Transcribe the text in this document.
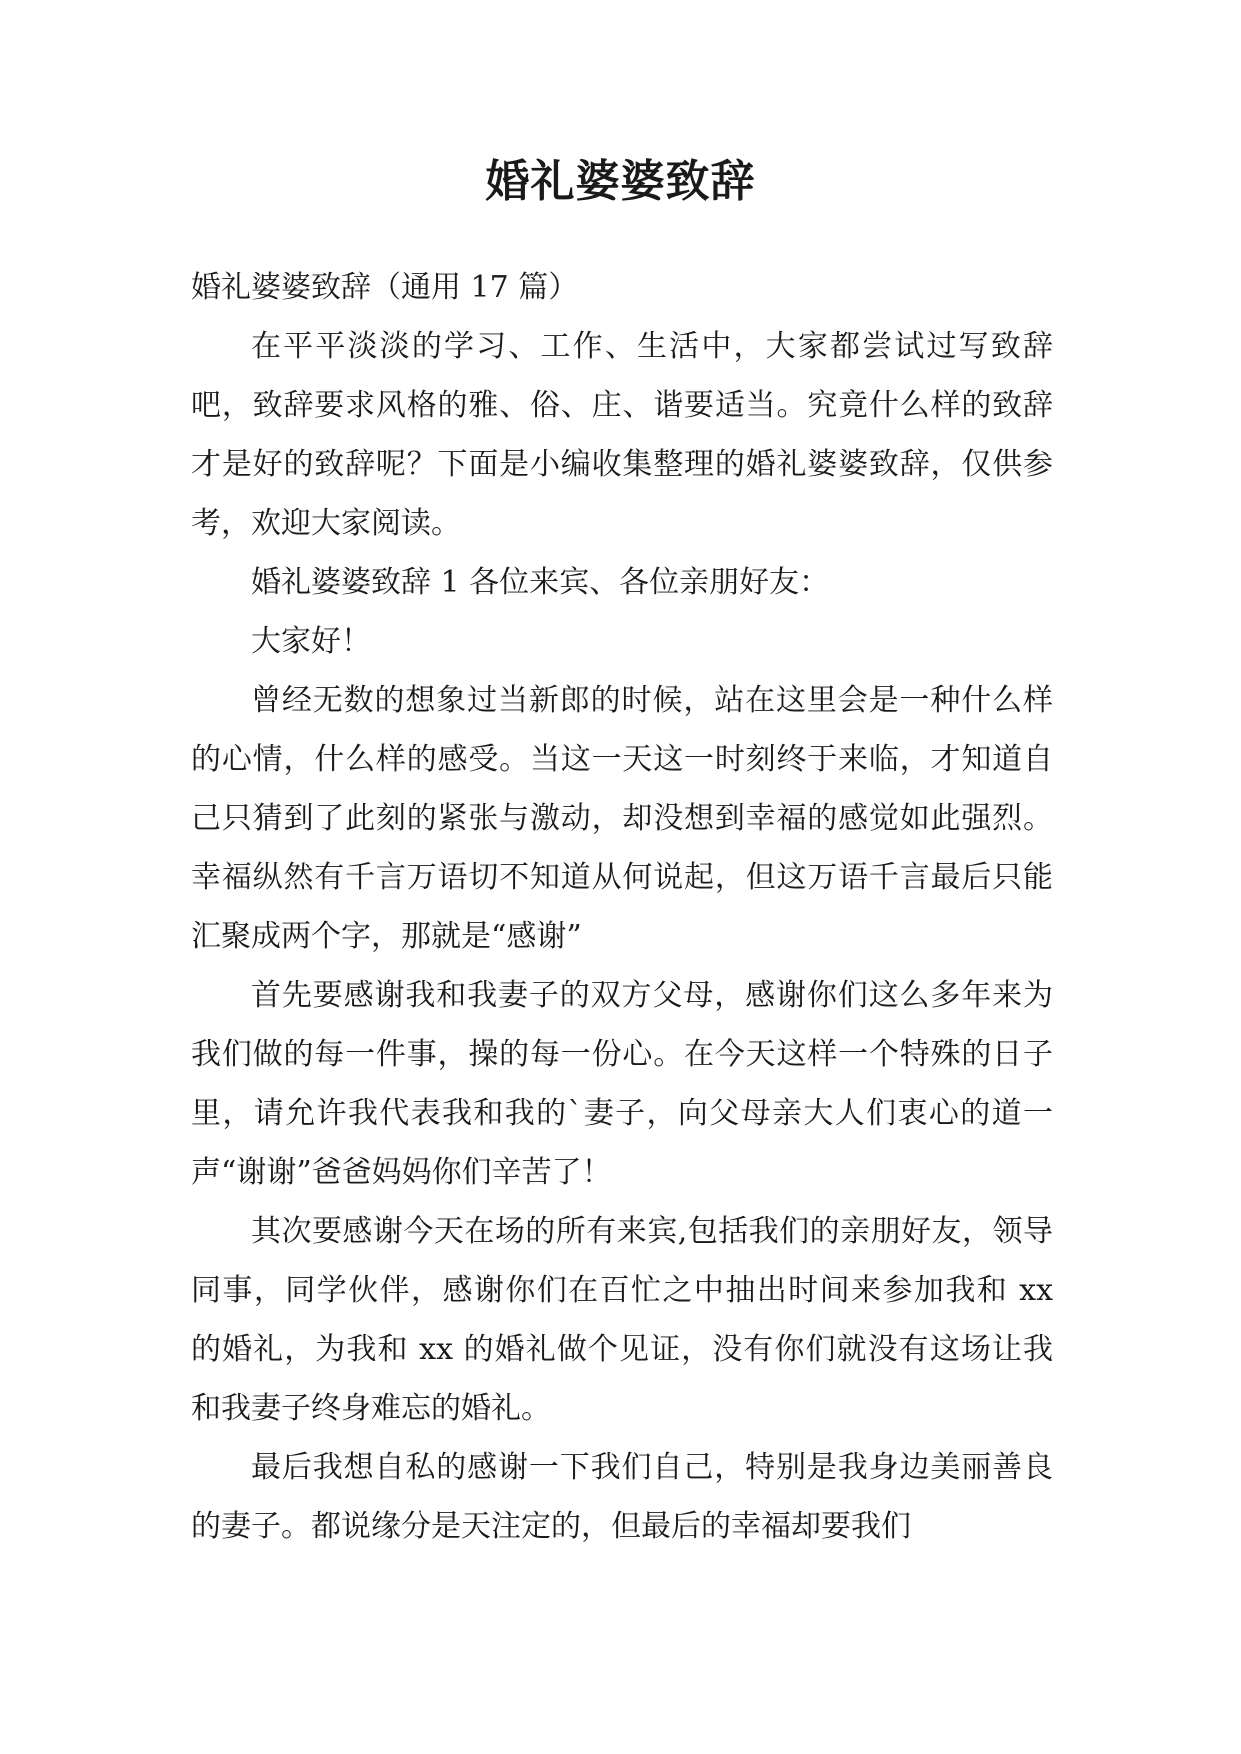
婚礼婆婆致辞

婚礼婆婆致辞（通用 17 篇）

在平平淡淡的学习、工作、生活中，大家都尝试过写致辞吧，致辞要求风格的雅、俗、庄、谐要适当。究竟什么样的致辞才是好的致辞呢？下面是小编收集整理的婚礼婆婆致辞，仅供参考，欢迎大家阅读。

婚礼婆婆致辞 1 各位来宾、各位亲朋好友：

大家好！

曾经无数的想象过当新郎的时候，站在这里会是一种什么样的心情，什么样的感受。当这一天这一时刻终于来临，才知道自己只猜到了此刻的紧张与激动，却没想到幸福的感觉如此强烈。幸福纵然有千言万语切不知道从何说起，但这万语千言最后只能汇聚成两个字，那就是“感谢”

首先要感谢我和我妻子的双方父母，感谢你们这么多年来为我们做的每一件事，操的每一份心。在今天这样一个特殊的日子里，请允许我代表我和我的`妻子，向父母亲大人们衷心的道一声“谢谢”爸爸妈妈你们辛苦了！

其次要感谢今天在场的所有来宾,包括我们的亲朋好友，领导同事，同学伙伴，感谢你们在百忙之中抽出时间来参加我和 xx 的婚礼，为我和 xx 的婚礼做个见证，没有你们就没有这场让我和我妻子终身难忘的婚礼。

最后我想自私的感谢一下我们自己，特别是我身边美丽善良的妻子。都说缘分是天注定的，但最后的幸福却要我们
